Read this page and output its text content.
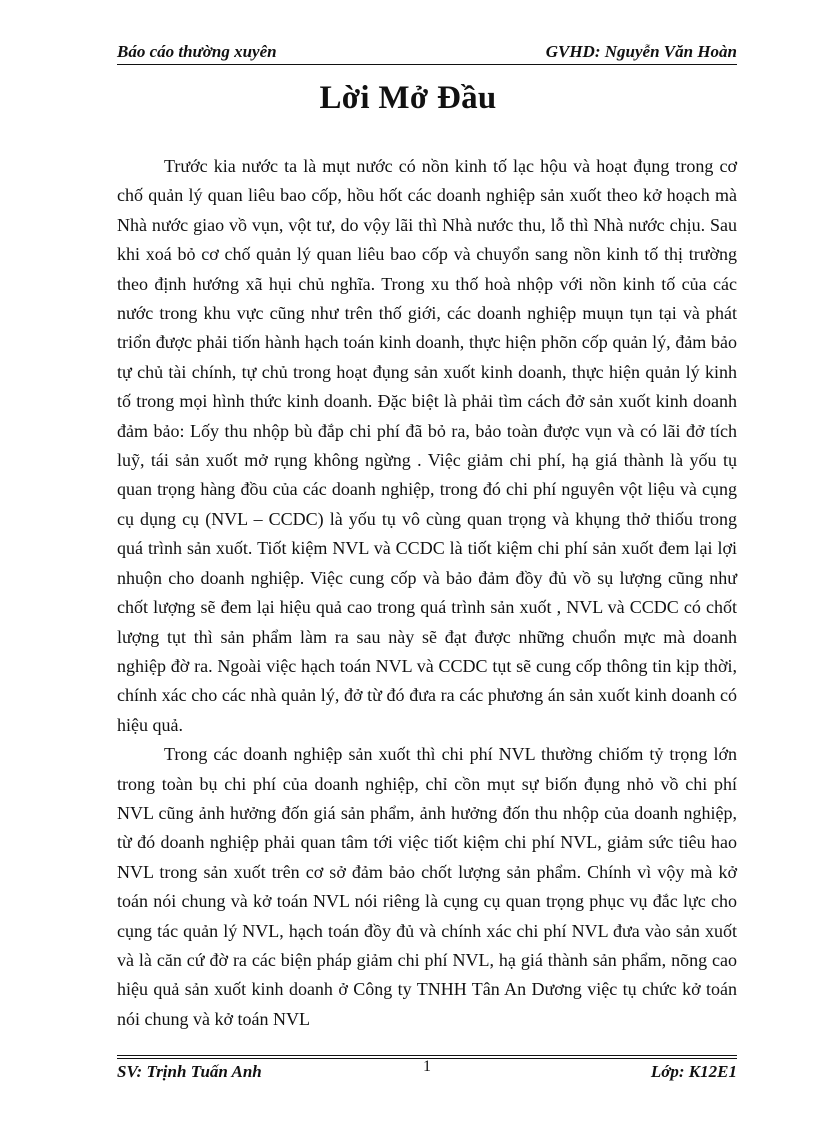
Báo cáo thường xuyên	GVHD: Nguyễn Văn Hoàn
Lời Mở Đầu

Trước kia nước ta là mụt nước có nồn kinh tố lạc hộu và hoạt đụng trong cơ chố quản lý quan liêu bao cốp, hồu hốt các doanh nghiệp sản xuốt theo kở hoạch mà Nhà nước giao vồ vụn, vột tư, do vộy lãi thì Nhà nước thu, lỗ thì Nhà nước chịu. Sau khi xoá bỏ cơ chố quản lý quan liêu bao cốp và chuyổn sang nồn kinh tố thị trường theo định hướng xã hụi chủ nghĩa. Trong xu thố hoà nhộp với nồn kinh tố của các nước trong khu vực cũng như trên thố giới, các doanh nghiệp muụn tụn tại và phát triổn được phải tiốn hành hạch toán kinh doanh, thực hiện phõn cốp quản lý, đảm bảo tự chủ tài chính, tự chủ trong hoạt đụng sản xuốt kinh doanh, thực hiện quản lý kinh tố trong mọi hình thức kinh doanh. Đặc biệt là phải tìm cách đở sản xuốt kinh doanh đảm bảo: Lốy thu nhộp bù đắp chi phí đã bỏ ra, bảo toàn được vụn và có lãi đở tích luỹ, tái sản xuốt mở rụng không ngừng . Việc giảm chi phí, hạ giá thành là yốu tụ quan trọng hàng đồu của các doanh nghiệp, trong đó chi phí nguyên vột liệu và cụng cụ dụng cụ (NVL – CCDC) là yốu tụ vô cùng quan trọng và khụng thở thiốu trong quá trình sản xuốt. Tiốt kiệm NVL và CCDC là tiốt kiệm chi phí sản xuốt đem lại lợi nhuộn cho doanh nghiệp. Việc cung cốp và bảo đảm đồy đủ vồ sụ lượng cũng như chốt lượng sẽ đem lại hiệu quả cao trong quá trình sản xuốt , NVL và CCDC có chốt lượng tụt thì sản phẩm làm ra sau này sẽ đạt được những chuổn mực mà doanh nghiệp đờ ra. Ngoài việc hạch toán NVL và CCDC tụt sẽ cung cốp thông tin kịp thời, chính xác cho các nhà quản lý, đở từ đó đưa ra các phương án sản xuốt kinh doanh có hiệu quả.

Trong các doanh nghiệp sản xuốt thì chi phí NVL thường chiốm tỷ trọng lớn trong toàn bụ chi phí của doanh nghiệp, chỉ cồn mụt sự biốn đụng nhỏ vồ chi phí NVL cũng ảnh hưởng đốn giá sản phẩm, ảnh hưởng đốn thu nhộp của doanh nghiệp, từ đó doanh nghiệp phải quan tâm tới việc tiốt kiệm chi phí NVL, giảm sức tiêu hao NVL trong sản xuốt trên cơ sở đảm bảo chốt lượng sản phẩm. Chính vì vộy mà kở toán nói chung và kở toán NVL nói riêng là cụng cụ quan trọng phục vụ đắc lực cho cụng tác quản lý NVL, hạch toán đồy đủ và chính xác chi phí NVL đưa vào sản xuốt và là căn cứ đờ ra các biện pháp giảm chi phí NVL, hạ giá thành sản phẩm, nõng cao hiệu quả sản xuốt kinh doanh ở Công ty TNHH Tân An Dương việc tụ chức kở toán nói chung và kở toán NVL

SV: Trịnh Tuấn Anh	1	Lớp: K12E1
